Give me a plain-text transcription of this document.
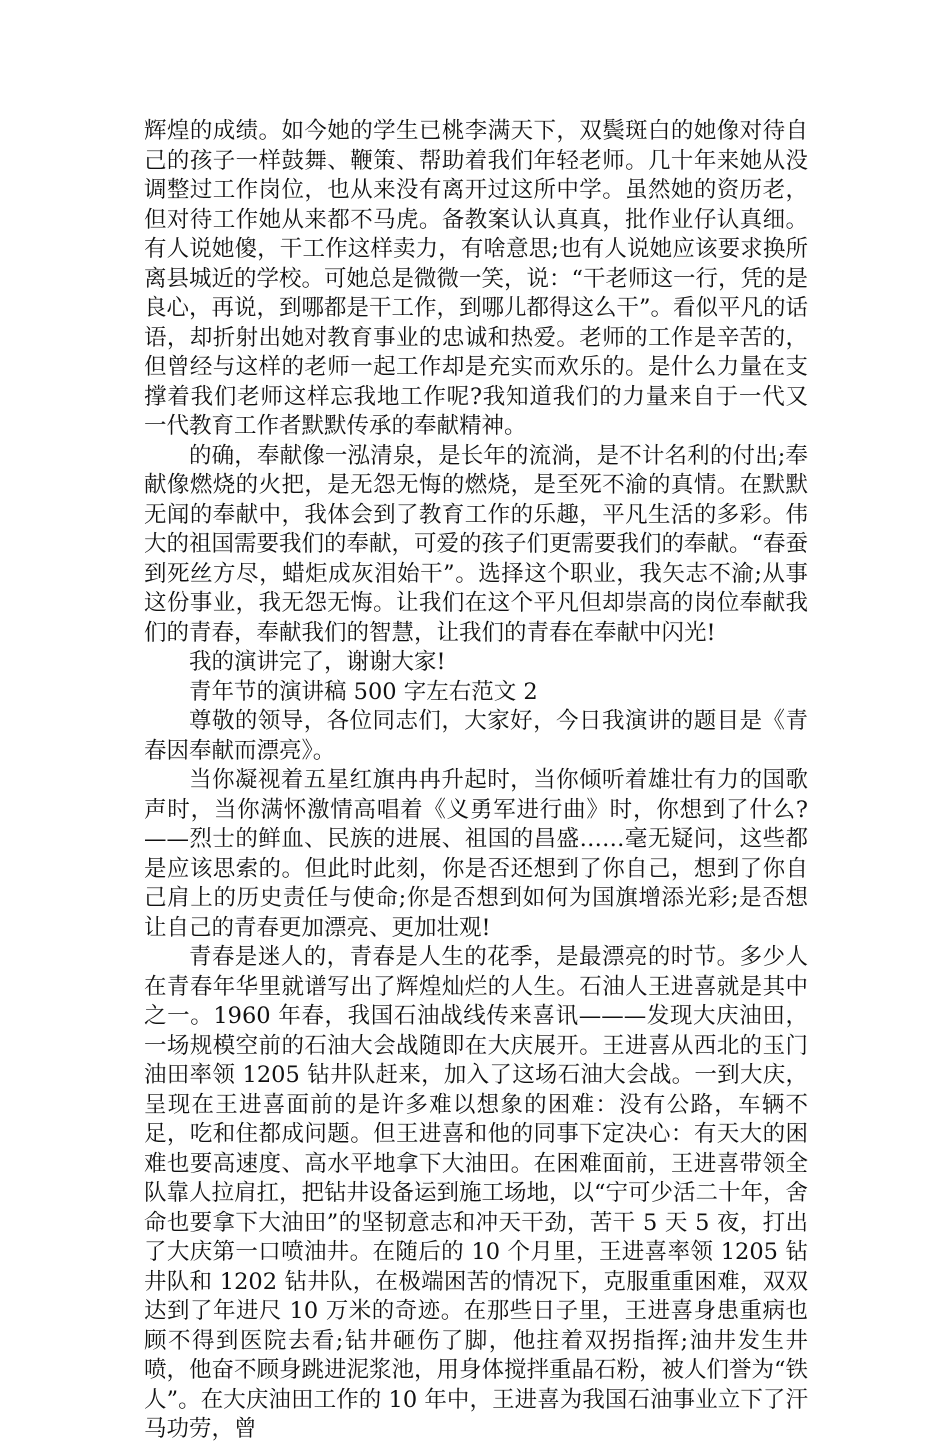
辉煌的成绩。如今她的学生已桃李满天下，双鬓斑白的她像对待自己的孩子一样鼓舞、鞭策、帮助着我们年轻老师。几十年来她从没调整过工作岗位，也从来没有离开过这所中学。虽然她的资历老，但对待工作她从来都不马虎。备教案认认真真，批作业仔认真细。有人说她傻，干工作这样卖力，有啥意思;也有人说她应该要求换所离县城近的学校。可她总是微微一笑，说：“干老师这一行，凭的是良心，再说，到哪都是干工作，到哪儿都得这么干”。看似平凡的话语，却折射出她对教育事业的忠诚和热爱。老师的工作是辛苦的，但曾经与这样的老师一起工作却是充实而欢乐的。是什么力量在支撑着我们老师这样忘我地工作呢?我知道我们的力量来自于一代又一代教育工作者默默传承的奉献精神。

的确，奉献像一泓清泉，是长年的流淌，是不计名利的付出;奉献像燃烧的火把，是无怨无悔的燃烧，是至死不渝的真情。在默默无闻的奉献中，我体会到了教育工作的乐趣，平凡生活的多彩。伟大的祖国需要我们的奉献，可爱的孩子们更需要我们的奉献。“春蚕到死丝方尽，蜡炬成灰泪始干”。选择这个职业，我矢志不渝;从事这份事业，我无怨无悔。让我们在这个平凡但却崇高的岗位奉献我们的青春，奉献我们的智慧，让我们的青春在奉献中闪光!

我的演讲完了，谢谢大家!

青年节的演讲稿 500 字左右范文 2

尊敬的领导，各位同志们，大家好，今日我演讲的题目是《青春因奉献而漂亮》。

当你凝视着五星红旗冉冉升起时，当你倾听着雄壮有力的国歌声时，当你满怀激情高唱着《义勇军进行曲》时，你想到了什么?——烈士的鲜血、民族的进展、祖国的昌盛……毫无疑问，这些都是应该思索的。但此时此刻，你是否还想到了你自己，想到了你自己肩上的历史责任与使命;你是否想到如何为国旗增添光彩;是否想让自己的青春更加漂亮、更加壮观!

青春是迷人的，青春是人生的花季，是最漂亮的时节。多少人在青春年华里就谱写出了辉煌灿烂的人生。石油人王进喜就是其中之一。1960 年春，我国石油战线传来喜讯———发现大庆油田，一场规模空前的石油大会战随即在大庆展开。王进喜从西北的玉门油田率领 1205 钻井队赶来，加入了这场石油大会战。一到大庆，呈现在王进喜面前的是许多难以想象的困难：没有公路，车辆不足，吃和住都成问题。但王进喜和他的同事下定决心：有天大的困难也要高速度、高水平地拿下大油田。在困难面前，王进喜带领全队靠人拉肩扛，把钻井设备运到施工场地，以“宁可少活二十年，舍命也要拿下大油田”的坚韧意志和冲天干劲，苦干 5 天 5 夜，打出了大庆第一口喷油井。在随后的 10 个月里，王进喜率领 1205 钻井队和 1202 钻井队，在极端困苦的情况下，克服重重困难，双双达到了年进尺 10 万米的奇迹。在那些日子里，王进喜身患重病也顾不得到医院去看;钻井砸伤了脚，他拄着双拐指挥;油井发生井喷，他奋不顾身跳进泥浆池，用身体搅拌重晶石粉，被人们誉为“铁人”。在大庆油田工作的 10 年中，王进喜为我国石油事业立下了汗马功劳，曾
